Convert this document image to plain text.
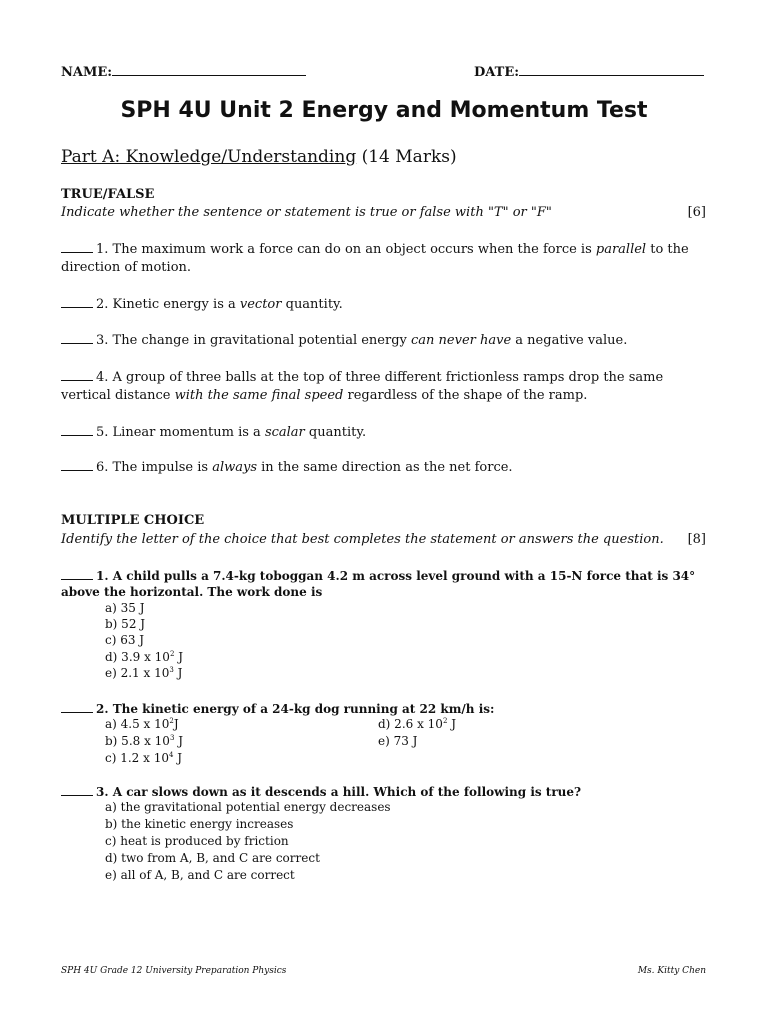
NAME:	DATE:
SPH 4U Unit 2 Energy and Momentum Test
Part A: Knowledge/Understanding (14 Marks)
TRUE/FALSE
Indicate whether the sentence or statement is true or false with "T" or "F"	[6]
1. The maximum work a force can do on an object occurs when the force is parallel to the direction of motion.
2. Kinetic energy is a vector quantity.
3. The change in gravitational potential energy can never have a negative value.
4. A group of three balls at the top of three different frictionless ramps drop the same vertical distance with the same final speed regardless of the shape of the ramp.
5. Linear momentum is a scalar quantity.
6. The impulse is always in the same direction as the net force.
MULTIPLE CHOICE
Identify the letter of the choice that best completes the statement or answers the question. [8]
1. A child pulls a 7.4-kg toboggan 4.2 m across level ground with a 15-N force that is 34° above the horizontal. The work done is
a) 35 J
b) 52 J
c) 63 J
d) 3.9 x $10^2$ J
e) 2.1 x $10^3$ J
2. The kinetic energy of a 24-kg dog running at 22 km/h is:
a) 4.5 x $10^2J$	d) 2.6 x $10^2$ J
b) 5.8 x $10^3$ J	e) 73 J
c) 1.2 x $10^4$ J
3. A car slows down as it descends a hill. Which of the following is true?
a) the gravitational potential energy decreases
b) the kinetic energy increases
c) heat is produced by friction
d) two from A, B, and C are correct
e) all of A, B, and C are correct
SPH 4U Grade 12 University Preparation Physics	Ms. Kitty Chen
